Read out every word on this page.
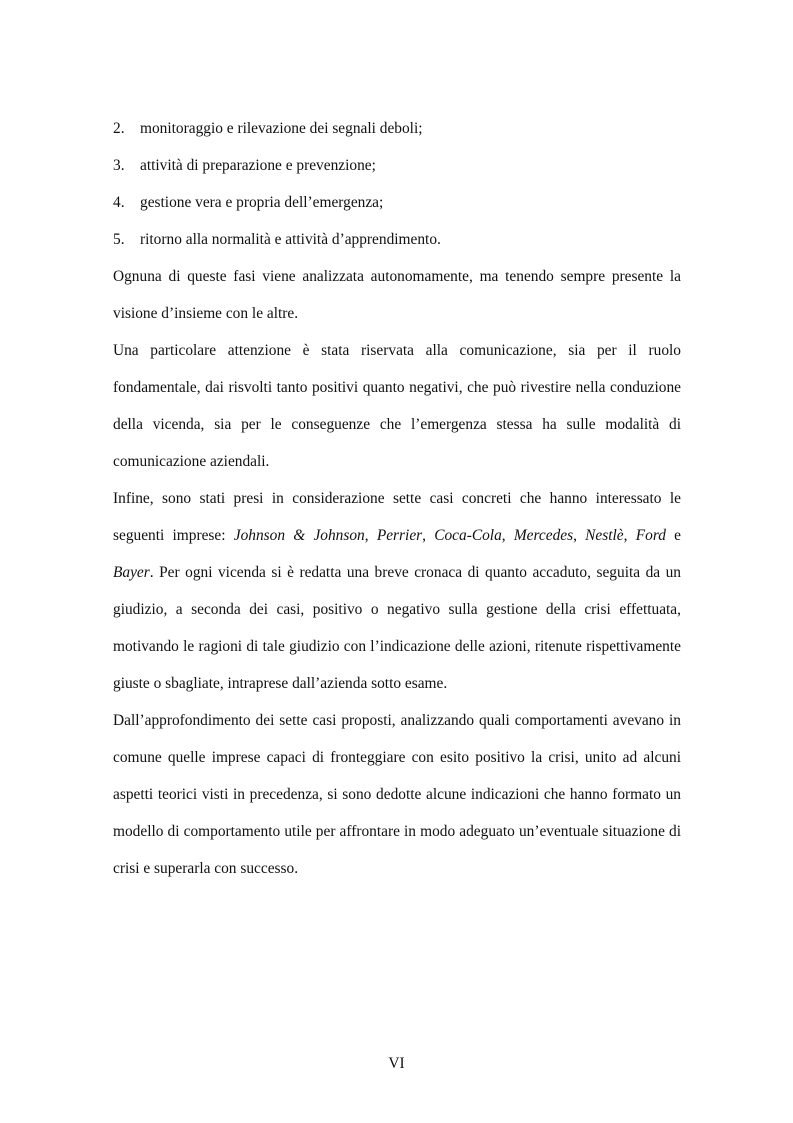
2.	monitoraggio e rilevazione dei segnali deboli;
3.	attività di preparazione e prevenzione;
4.	gestione vera e propria dell’emergenza;
5.	ritorno alla normalità e attività d’apprendimento.

Ognuna di queste fasi viene analizzata autonomamente, ma tenendo sempre presente la visione d’insieme con le altre.

Una particolare attenzione è stata riservata alla comunicazione, sia per il ruolo fondamentale, dai risvolti tanto positivi quanto negativi, che può rivestire nella conduzione della vicenda, sia per le conseguenze che l’emergenza stessa ha sulle modalità di comunicazione aziendali.

Infine, sono stati presi in considerazione sette casi concreti che hanno interessato le seguenti imprese: Johnson & Johnson, Perrier, Coca-Cola, Mercedes, Nestlè, Ford e Bayer. Per ogni vicenda si è redatta una breve cronaca di quanto accaduto, seguita da un giudizio, a seconda dei casi, positivo o negativo sulla gestione della crisi effettuata, motivando le ragioni di tale giudizio con l’indicazione delle azioni, ritenute rispettivamente giuste o sbagliate, intraprese dall’azienda sotto esame.

Dall’approfondimento dei sette casi proposti, analizzando quali comportamenti avevano in comune quelle imprese capaci di fronteggiare con esito positivo la crisi, unito ad alcuni aspetti teorici visti in precedenza, si sono dedotte alcune indicazioni che hanno formato un modello di comportamento utile per affrontare in modo adeguato un’eventuale situazione di crisi e superarla con successo.

VI
